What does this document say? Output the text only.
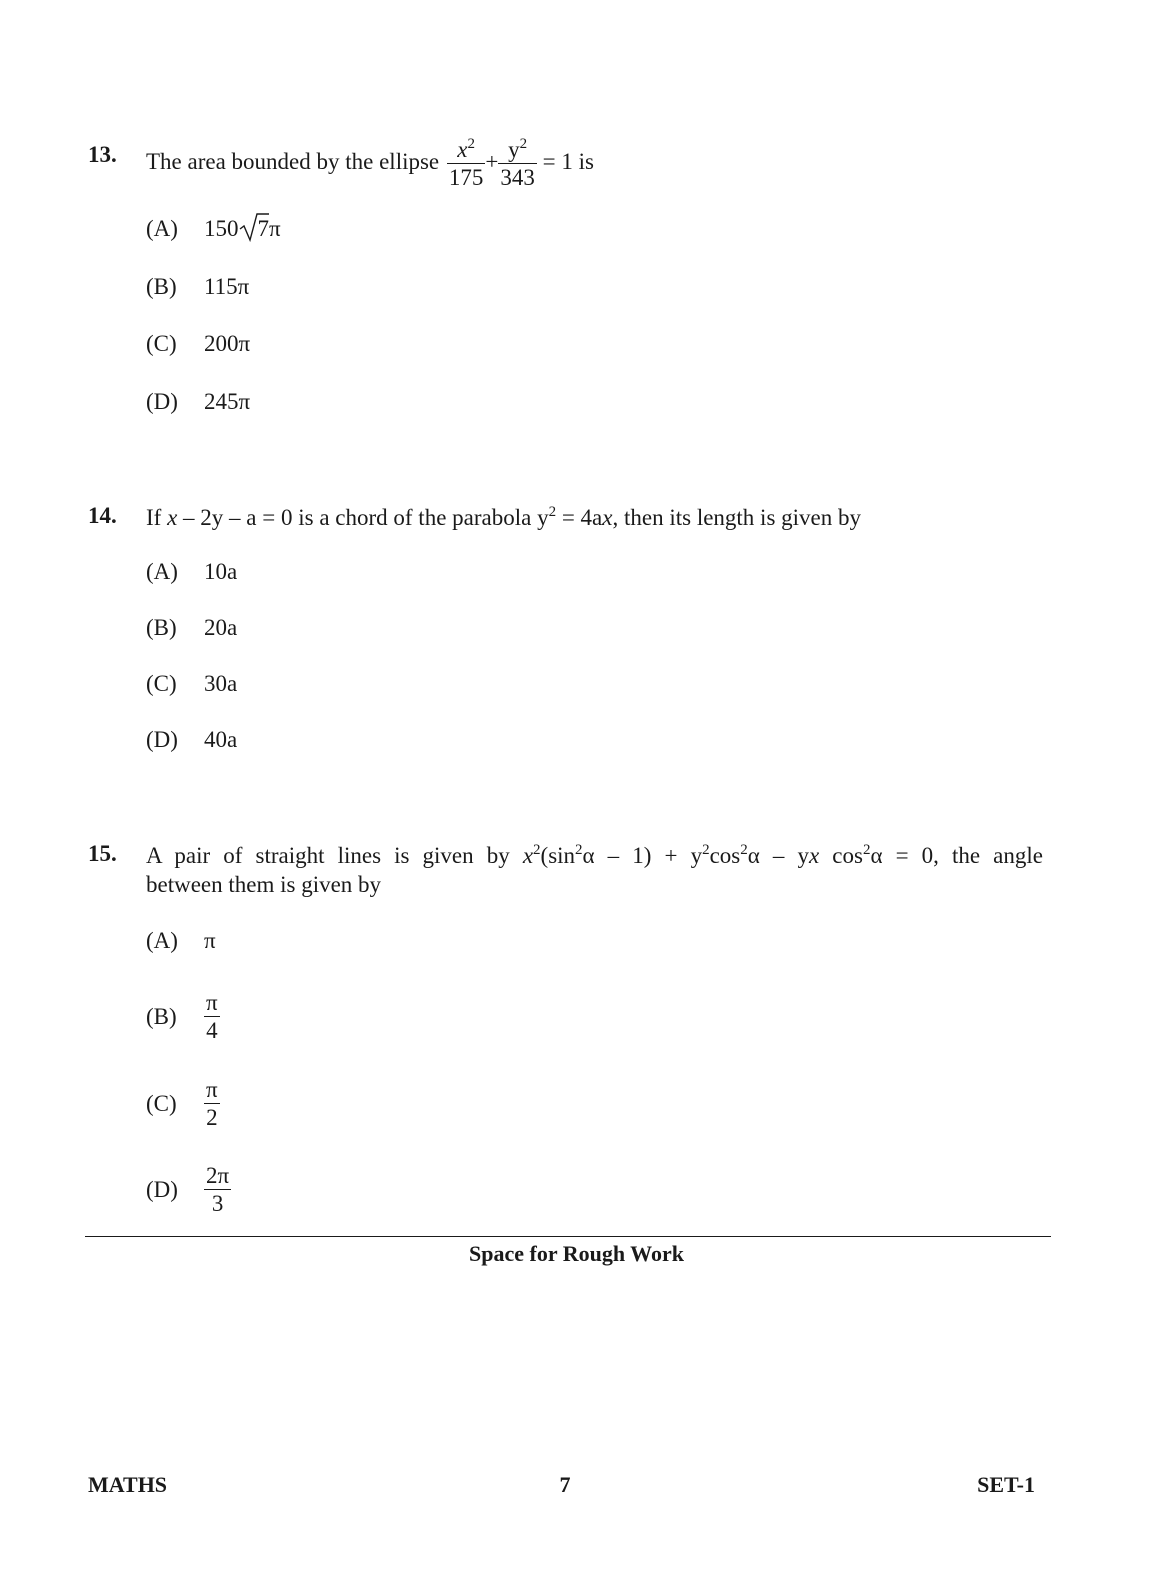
13. The area bounded by the ellipse $\frac{x^2}{175} + \frac{y^2}{343} = 1$ is
(A) 150 7π
(B) 115π
(C) 200π
(D) 245π
14. If x – 2y – a = 0 is a chord of the parabola $y^2 = 4ax$, then its length is given by
(A) 10a
(B) 20a
(C) 30a
(D) 40a
15. A pair of straight lines is given by $x^2(\sin^2\alpha - 1) + y^2\cos^2\alpha$ – yx $\cos^2\alpha = 0$, the angle
between them is given by
(A) π
$(B) \frac{\pi}{4}$
$(C) \frac{\pi}{2}$
$(D) \frac{2\pi}{3}$
Space for Rough Work
MATHS	7	SET-1
